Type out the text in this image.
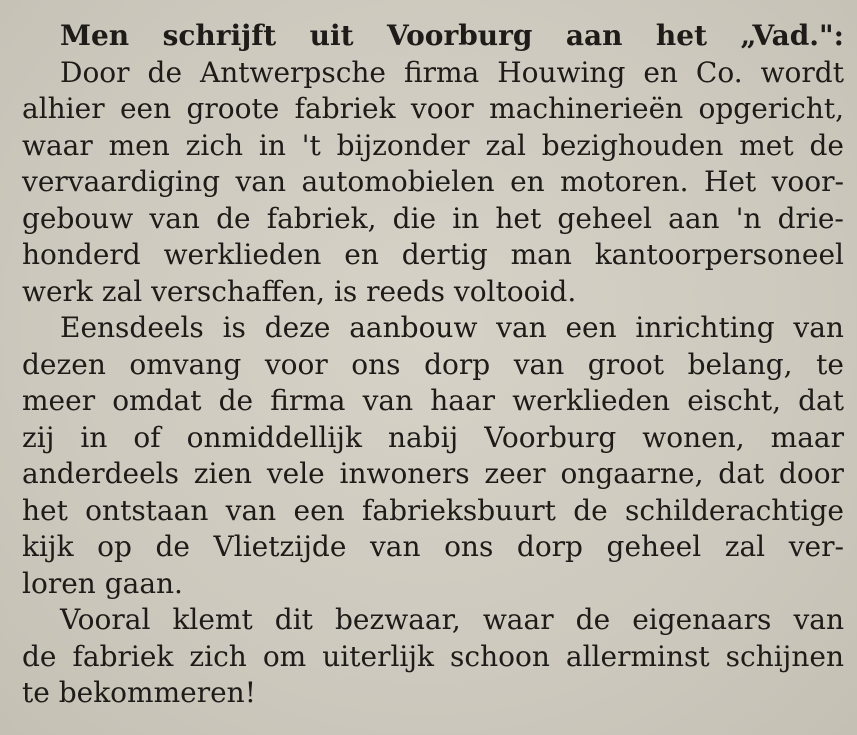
Men schrijft uit Voorburg aan het „Vad.":
Door de Antwerpsche firma Houwing en Co. wordt
alhier een groote fabriek voor machinerieën opgericht,
waar men zich in 't bijzonder zal bezighouden met de
vervaardiging van automobielen en motoren. Het voor-
gebouw van de fabriek, die in het geheel aan 'n drie-
honderd werklieden en dertig man kantoorpersoneel
werk zal verschaffen, is reeds voltooid.
Eensdeels is deze aanbouw van een inrichting van
dezen omvang voor ons dorp van groot belang, te
meer omdat de firma van haar werklieden eischt, dat
zij in of onmiddellijk nabij Voorburg wonen, maar
anderdeels zien vele inwoners zeer ongaarne, dat door
het ontstaan van een fabrieksbuurt de schilderachtige
kijk op de Vlietzijde van ons dorp geheel zal ver-
loren gaan.
Vooral klemt dit bezwaar, waar de eigenaars van
de fabriek zich om uiterlijk schoon allerminst schijnen
te bekommeren!
